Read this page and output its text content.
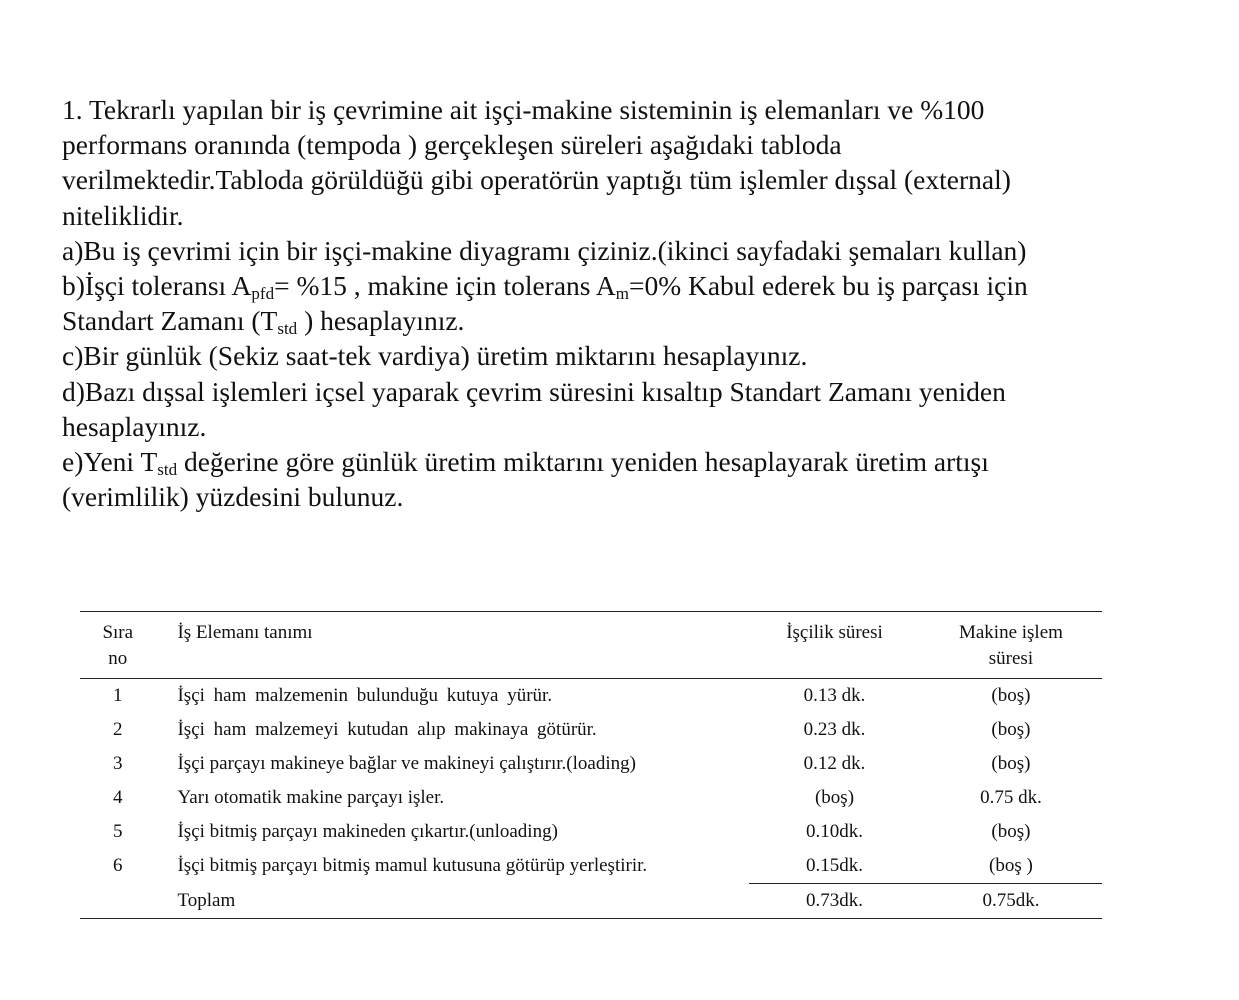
1. Tekrarlı yapılan bir iş çevrimine ait işçi-makine sisteminin iş elemanları ve %100

performans oranında (tempoda ) gerçekleşen süreleri aşağıdaki tabloda

verilmektedir.Tabloda görüldüğü gibi operatörün yaptığı tüm işlemler dışsal (external)

niteliklidir.

a)Bu iş çevrimi için bir işçi-makine diyagramı çiziniz.(ikinci sayfadaki şemaları kullan)

b)İşçi toleransı $A_{pfd}= \%15$ , makine için tolerans $A_m=0\%$ Kabul ederek bu iş parçası için

Standart Zamanı ($T_{std}$ ) hesaplayınız.

c)Bir günlük (Sekiz saat-tek vardiya) üretim miktarını hesaplayınız.

d)Bazı dışsal işlemleri içsel yaparak çevrim süresini kısaltıp Standart Zamanı yeniden

hesaplayınız.

e)Yeni $T_{std}$ değerine göre günlük üretim miktarını yeniden hesaplayarak üretim artışı

(verimlilik) yüzdesini bulunuz.

Sıra
no	İş Elemanı tanımı	İşçilik süresi	Makine işlem
süresi
1	İşçi ham malzemenin bulunduğu kutuya yürür.	0.13 dk.	(boş)
2	İşçi ham malzemeyi kutudan alıp makinaya götürür.	0.23 dk.	(boş)
3	İşçi parçayı makineye bağlar ve makineyi çalıştırır.(loading)	0.12 dk.	(boş)
4	Yarı otomatik makine parçayı işler.	(boş)	0.75 dk.
5	İşçi bitmiş parçayı makineden çıkartır.(unloading)	0.10dk.	(boş)
6	İşçi bitmiş parçayı bitmiş mamul kutusuna götürüp yerleştirir.	0.15dk.	(boş )
	Toplam	0.73dk.	0.75dk.
